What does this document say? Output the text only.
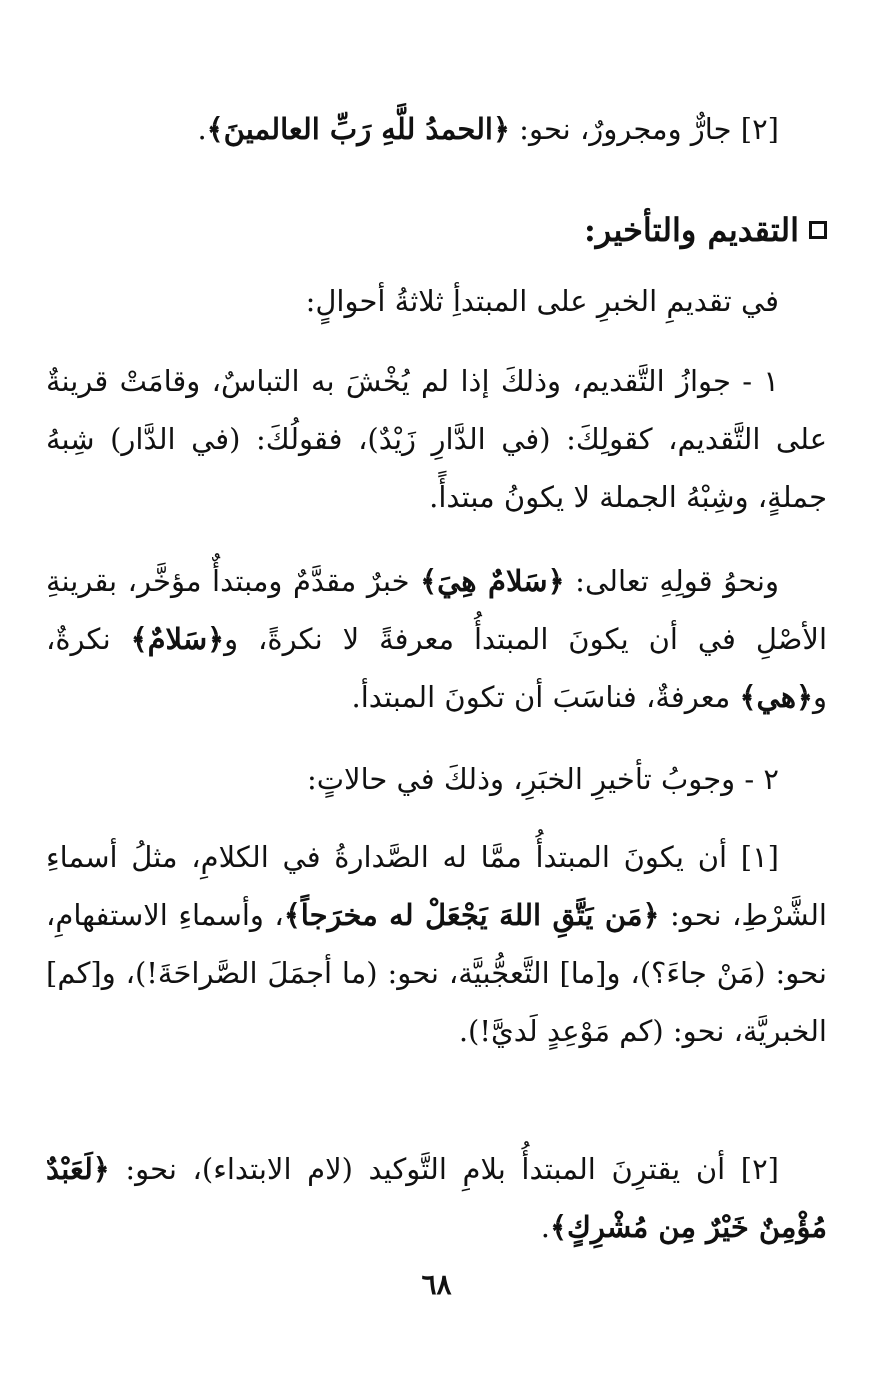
[٢] جارٌّ ومجرورٌ، نحو: ﴿الحمدُ للَّهِ رَبِّ العالمينَ﴾.

التقديم والتأخير:

في تقديمِ الخبرِ على المبتدأِ ثلاثةُ أحوالٍ:

١ - جوازُ التَّقديم، وذلكَ إذا لم يُخْشَ به التباسٌ، وقامَتْ قرينةٌ على التَّقديم، كقولِكَ: (في الدَّارِ زَيْدٌ)، فقولُكَ: (في الدَّار) شِبهُ جملةٍ، وشِبْهُ الجملة لا يكونُ مبتدأً.

ونحوُ قولِهِ تعالى: ﴿سَلامٌ هِيَ﴾ خبرٌ مقدَّمٌ ومبتدأٌ مؤخَّر، بقرينةِ الأصْلِ في أن يكونَ المبتدأُ معرفةً لا نكرةً، و﴿سَلامٌ﴾ نكرةٌ، و﴿هي﴾ معرفةٌ، فناسَبَ أن تكونَ المبتدأ.

٢ - وجوبُ تأخيرِ الخبَرِ، وذلكَ في حالاتٍ:

[١] أن يكونَ المبتدأُ ممَّا له الصَّدارةُ في الكلامِ، مثلُ أسماءِ الشَّرْطِ، نحو: ﴿مَن يَتَّقِ اللهَ يَجْعَلْ له مخرَجاً﴾، وأسماءِ الاستفهامِ، نحو: (مَنْ جاءَ؟)، و[ما] التَّعجُّبيَّة، نحو: (ما أجمَلَ الصَّراحَةَ!)، و[كم] الخبريَّة، نحو: (كم مَوْعِدٍ لَديَّ!).

[٢] أن يقترِنَ المبتدأُ بلامِ التَّوكيد (لام الابتداء)، نحو: ﴿لَعَبْدٌ مُؤْمِنٌ خَيْرٌ مِن مُشْرِكٍ﴾.

٦٨
